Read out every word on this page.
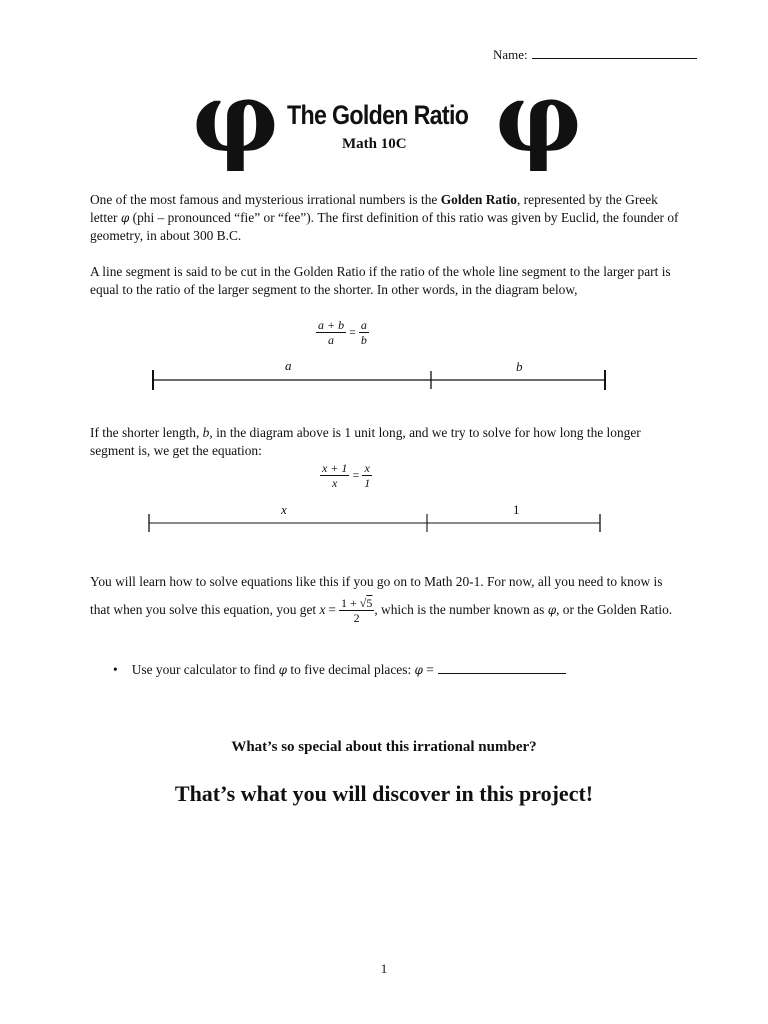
Name:
φ The Golden Ratio
Math 10C φ
One of the most famous and mysterious irrational numbers is the Golden Ratio, represented by the Greek letter φ (phi – pronounced “fie” or “fee”). The first definition of this ratio was given by Euclid, the founder of geometry, in about 300 B.C.
A line segment is said to be cut in the Golden Ratio if the ratio of the whole line segment to the larger part is equal to the ratio of the larger segment to the shorter. In other words, in the diagram below,
$\frac{a + b}{a} = \frac{a}{b}$
a	b
If the shorter length, b, in the diagram above is 1 unit long, and we try to solve for how long the longer segment is, we get the equation:
$\frac{x + 1}{x} = \frac{x}{1}$
x	1
You will learn how to solve equations like this if you go on to Math 20-1. For now, all you need to know is that when you solve this equation, you get $x = \frac{1 + √5}{2}$ , which is the number known as φ, or the Golden Ratio.
• Use your calculator to find φ to five decimal places: φ =
What’s so special about this irrational number?
That’s what you will discover in this project!
1
